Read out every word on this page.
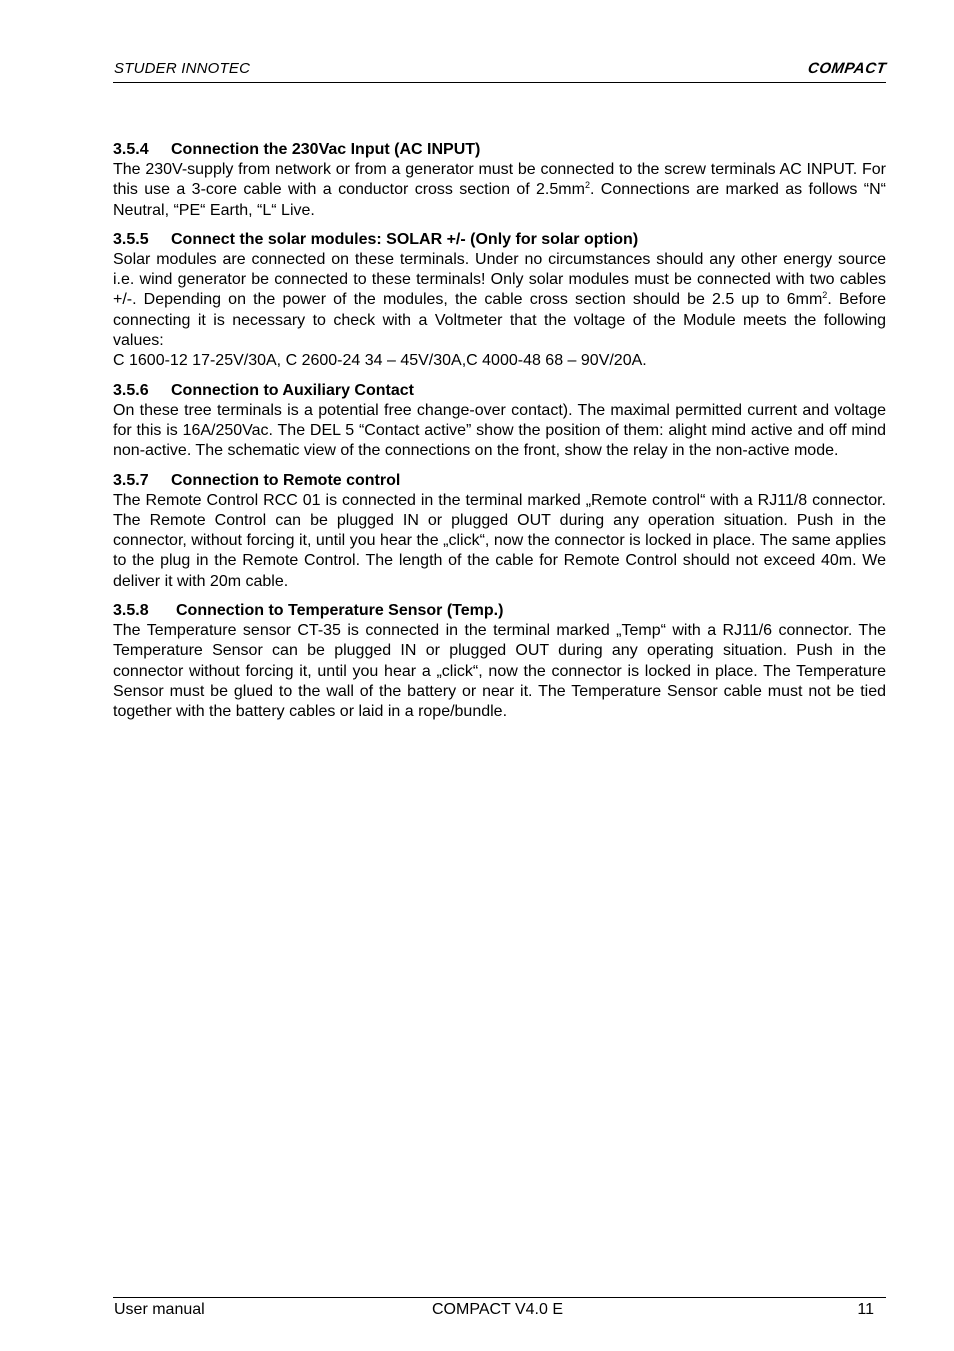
STUDER INNOTEC	COMPACT
3.5.4	Connection the 230Vac Input (AC INPUT)

The 230V-supply from network or from a generator must be connected to the screw terminals AC INPUT. For this use a 3-core cable with a conductor cross section of $2.5mm^2$. Connections are marked as follows “N“ Neutral, “PE“ Earth, “L“ Live.

3.5.5	Connect the solar modules: SOLAR +/- (Only for solar option)

Solar modules are connected on these terminals. Under no circumstances should any other energy source i.e. wind generator be connected to these terminals! Only solar modules must be connected with two cables +/-. Depending on the power of the modules, the cable cross section should be 2.5 up to $6mm^2$. Before connecting it is necessary to check with a Voltmeter that the voltage of the Module meets the following values:

C 1600-12 17-25V/30A, C 2600-24 34 – 45V/30A,C 4000-48 68 – 90V/20A.

3.5.6	Connection to Auxiliary Contact

On these tree terminals is a potential free change-over contact). The maximal permitted current and voltage for this is 16A/250Vac. The DEL 5 “Contact active” show the position of them: alight mind active and off mind non-active. The schematic view of the connections on the front, show the relay in the non-active mode.

3.5.7	Connection to Remote control

The Remote Control RCC 01 is connected in the terminal marked „Remote control“ with a RJ11/8 connector. The Remote Control can be plugged IN or plugged OUT during any operation situation. Push in the connector, without forcing it, until you hear the „click“, now the connector is locked in place. The same applies to the plug in the Remote Control. The length of the cable for Remote Control should not exceed 40m. We deliver it with 20m cable.

3.5.8	Connection to Temperature Sensor (Temp.)

The Temperature sensor CT-35 is connected in the terminal marked „Temp“ with a RJ11/6 connector. The Temperature Sensor can be plugged IN or plugged OUT during any operating situation. Push in the connector without forcing it, until you hear a „click“, now the connector is locked in place. The Temperature Sensor must be glued to the wall of the battery or near it. The Temperature Sensor cable must not be tied together with the battery cables or laid in a rope/bundle.

User manual	COMPACT V4.0 E	11
